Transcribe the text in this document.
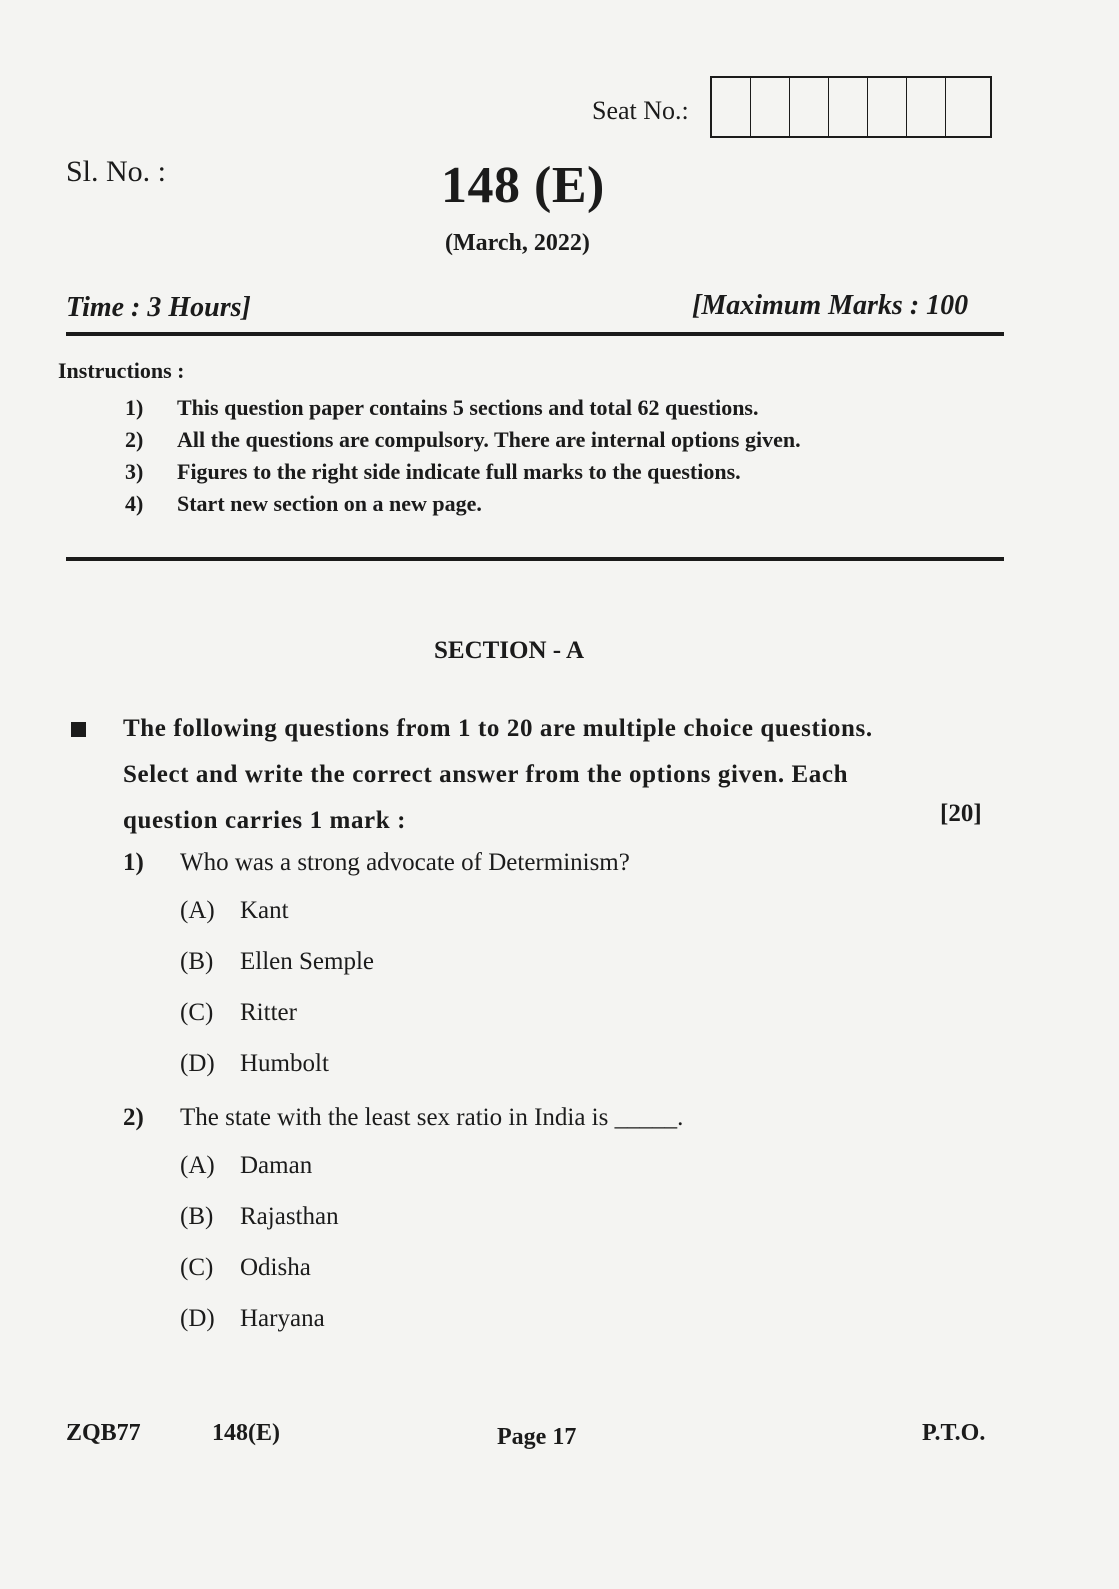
Seat No.:
Sl. No. :	148 (E)
(March, 2022)
Time : 3 Hours]	[Maximum Marks : 100
Instructions :
1)	This question paper contains 5 sections and total 62 questions.
2)	All the questions are compulsory. There are internal options given.
3)	Figures to the right side indicate full marks to the questions.
4)	Start new section on a new page.
SECTION - A
The following questions from 1 to 20 are multiple choice questions. Select and write the correct answer from the options given. Each question carries 1 mark :	[20]
1)	Who was a strong advocate of Determinism?
(A)	Kant
(B)	Ellen Semple
(C)	Ritter
(D)	Humbolt
2)	The state with the least sex ratio in India is _____.
(A)	Daman
(B)	Rajasthan
(C)	Odisha
(D)	Haryana
ZQB77	148(E)	Page 17	P.T.O.
